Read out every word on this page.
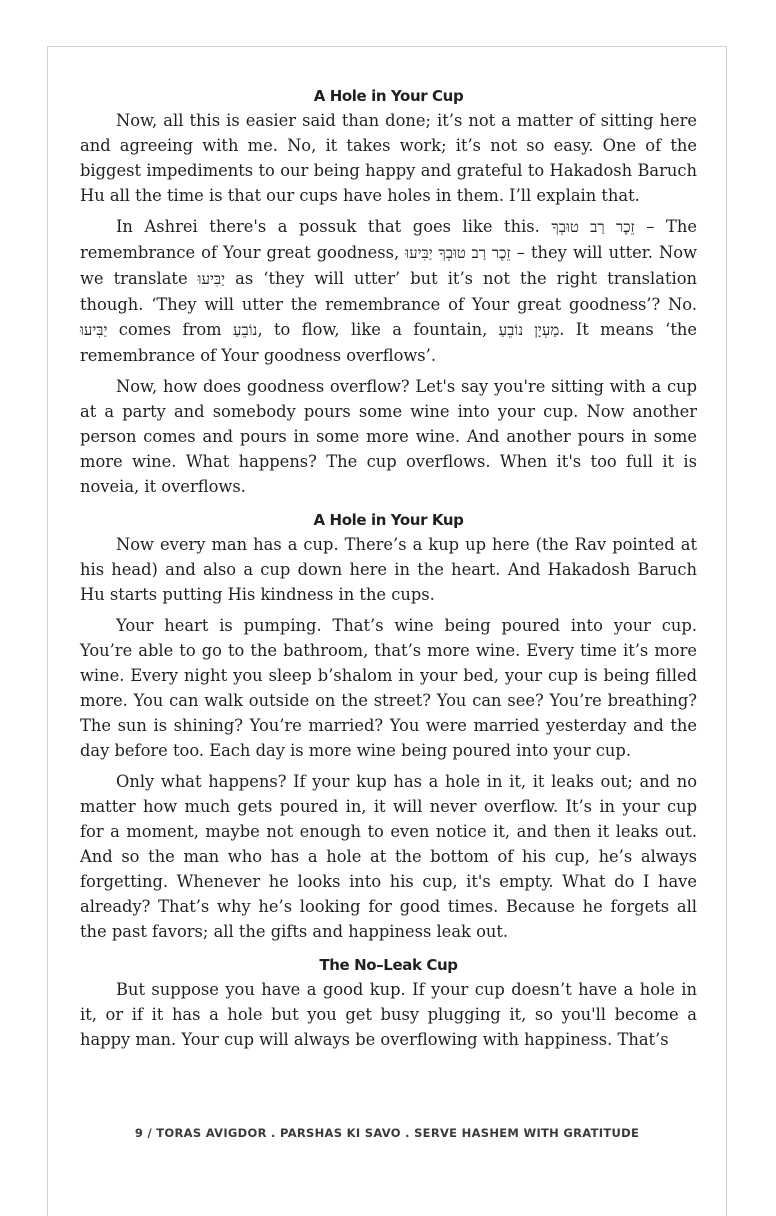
A Hole in Your Cup

Now, all this is easier said than done; it’s not a matter of sitting here and agreeing with me. No, it takes work; it’s not so easy. One of the biggest impediments to our being happy and grateful to Hakadosh Baruch Hu all the time is that our cups have holes in them. I’ll explain that.

In Ashrei there's a possuk that goes like this. זֵכֶר רַב טוּבְךָ – The remembrance of Your great goodness, זֵכֶר רַב טוּבְךָ יַבִּיעוּ – they will utter. Now we translate יַבִּיעוּ as ‘they will utter’ but it’s not the right translation though. ‘They will utter the remembrance of Your great goodness’? No. יַבִּיעוּ comes from נוֹבֵעַ, to flow, like a fountain, מַעְיָן נוֹבֵעַ. It means ‘the remembrance of Your goodness overflows’.

Now, how does goodness overflow? Let's say you're sitting with a cup at a party and somebody pours some wine into your cup. Now another person comes and pours in some more wine. And another pours in some more wine. What happens? The cup overflows. When it's too full it is noveia, it overflows.

A Hole in Your Kup

Now every man has a cup. There’s a kup up here (the Rav pointed at his head) and also a cup down here in the heart. And Hakadosh Baruch Hu starts putting His kindness in the cups.

Your heart is pumping. That’s wine being poured into your cup. You’re able to go to the bathroom, that’s more wine. Every time it’s more wine. Every night you sleep b’shalom in your bed, your cup is being filled more. You can walk outside on the street? You can see? You’re breathing? The sun is shining? You’re married? You were married yesterday and the day before too. Each day is more wine being poured into your cup.

Only what happens? If your kup has a hole in it, it leaks out; and no matter how much gets poured in, it will never overflow. It’s in your cup for a moment, maybe not enough to even notice it, and then it leaks out. And so the man who has a hole at the bottom of his cup, he’s always forgetting. Whenever he looks into his cup, it's empty. What do I have already? That’s why he’s looking for good times. Because he forgets all the past favors; all the gifts and happiness leak out.

The No–Leak Cup

But suppose you have a good kup. If your cup doesn’t have a hole in it, or if it has a hole but you get busy plugging it, so you'll become a happy man. Your cup will always be overflowing with happiness. That’s

9 / TORAS AVIGDOR . PARSHAS KI SAVO . SERVE HASHEM WITH GRATITUDE
